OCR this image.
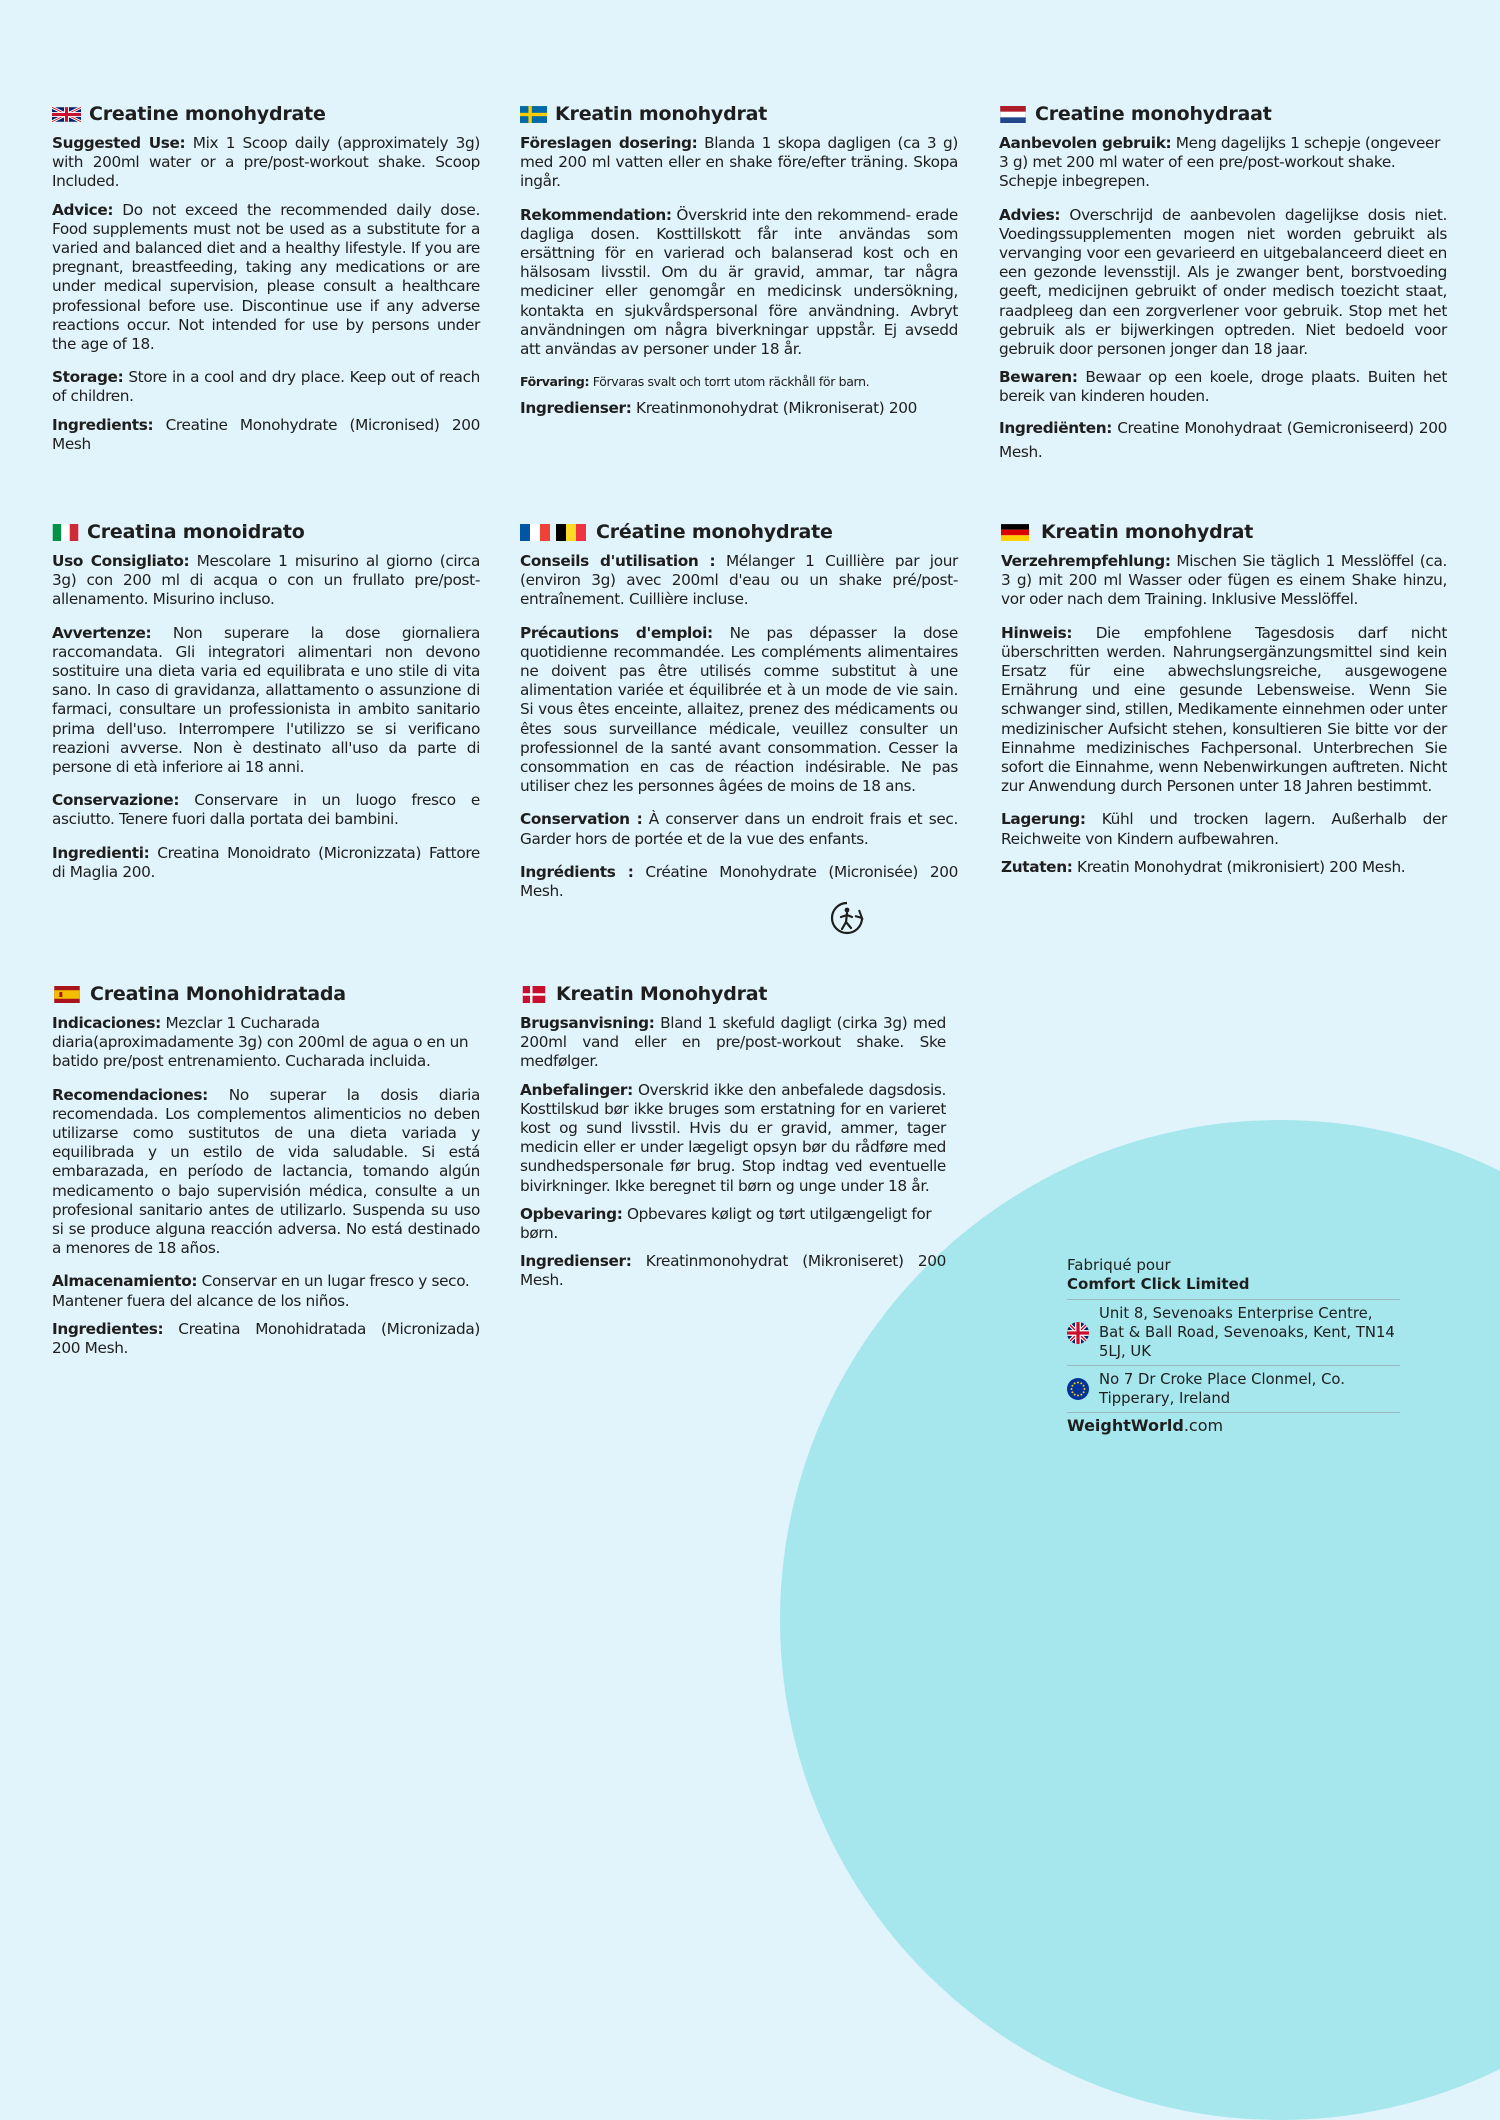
Creatine monohydrate

Suggested Use: Mix 1 Scoop daily (approximately 3g) with 200ml water or a pre/post-workout shake. Scoop Included.

Advice: Do not exceed the recommended daily dose. Food supplements must not be used as a substitute for a varied and balanced diet and a healthy lifestyle. If you are pregnant, breastfeeding, taking any medications or are under medical supervision, please consult a healthcare professional before use. Discontinue use if any adverse reactions occur. Not intended for use by persons under the age of 18.

Storage: Store in a cool and dry place. Keep out of reach of children.

Ingredients: Creatine Monohydrate (Micronised) 200 Mesh

Kreatin monohydrat

Föreslagen dosering: Blanda 1 skopa dagligen (ca 3 g) med 200 ml vatten eller en shake före/efter träning. Skopa ingår.

Rekommendation: Överskrid inte den rekommend- erade dagliga dosen. Kosttillskott får inte användas som ersättning för en varierad och balanserad kost och en hälsosam livsstil. Om du är gravid, ammar, tar några mediciner eller genomgår en medicinsk undersökning, kontakta en sjukvårdspersonal före användning. Avbryt användningen om några biverkningar uppstår. Ej avsedd att användas av personer under 18 år.

Förvaring: Förvaras svalt och torrt utom räckhåll för barn.

Ingredienser: Kreatinmonohydrat (Mikroniserat) 200

Creatine monohydraat

Aanbevolen gebruik: Meng dagelijks 1 schepje (ongeveer 3 g) met 200 ml water of een pre/post-workout shake. Schepje inbegrepen.

Advies: Overschrijd de aanbevolen dagelijkse dosis niet. Voedingssupplementen mogen niet worden gebruikt als vervanging voor een gevarieerd en uitgebalanceerd dieet en een gezonde levensstijl. Als je zwanger bent, borstvoeding geeft, medicijnen gebruikt of onder medisch toezicht staat, raadpleeg dan een zorgverlener voor gebruik. Stop met het gebruik als er bijwerkingen optreden. Niet bedoeld voor gebruik door personen jonger dan 18 jaar.

Bewaren: Bewaar op een koele, droge plaats. Buiten het bereik van kinderen houden.

Ingrediënten: Creatine Monohydraat (Gemicroniseerd) 200 Mesh.

Creatina monoidrato

Uso Consigliato: Mescolare 1 misurino al giorno (circa 3g) con 200 ml di acqua o con un frullato pre/post-allenamento. Misurino incluso.

Avvertenze: Non superare la dose giornaliera raccomandata. Gli integratori alimentari non devono sostituire una dieta varia ed equilibrata e uno stile di vita sano. In caso di gravidanza, allattamento o assunzione di farmaci, consultare un professionista in ambito sanitario prima dell'uso. Interrompere l'utilizzo se si verificano reazioni avverse. Non è destinato all'uso da parte di persone di età inferiore ai 18 anni.

Conservazione: Conservare in un luogo fresco e asciutto. Tenere fuori dalla portata dei bambini.

Ingredienti: Creatina Monoidrato (Micronizzata) Fattore di Maglia 200.

Créatine monohydrate

Conseils d'utilisation : Mélanger 1 Cuillière par jour (environ 3g) avec 200ml d'eau ou un shake pré/post-entraînement. Cuillière incluse.

Précautions d'emploi: Ne pas dépasser la dose quotidienne recommandée. Les compléments alimentaires ne doivent pas être utilisés comme substitut à une alimentation variée et équilibrée et à un mode de vie sain. Si vous êtes enceinte, allaitez, prenez des médicaments ou êtes sous surveillance médicale, veuillez consulter un professionnel de la santé avant consommation. Cesser la consommation en cas de réaction indésirable. Ne pas utiliser chez les personnes âgées de moins de 18 ans.

Conservation : À conserver dans un endroit frais et sec. Garder hors de portée et de la vue des enfants.

Ingrédients : Créatine Monohydrate (Micronisée) 200 Mesh.

Kreatin monohydrat

Verzehrempfehlung: Mischen Sie täglich 1 Messlöffel (ca. 3 g) mit 200 ml Wasser oder fügen es einem Shake hinzu, vor oder nach dem Training. Inklusive Messlöffel.

Hinweis: Die empfohlene Tagesdosis darf nicht überschritten werden. Nahrungsergänzungsmittel sind kein Ersatz für eine abwechslungsreiche, ausgewogene Ernährung und eine gesunde Lebensweise. Wenn Sie schwanger sind, stillen, Medikamente einnehmen oder unter medizinischer Aufsicht stehen, konsultieren Sie bitte vor der Einnahme medizinisches Fachpersonal. Unterbrechen Sie sofort die Einnahme, wenn Nebenwirkungen auftreten. Nicht zur Anwendung durch Personen unter 18 Jahren bestimmt.

Lagerung: Kühl und trocken lagern. Außerhalb der Reichweite von Kindern aufbewahren.

Zutaten: Kreatin Monohydrat (mikronisiert) 200 Mesh.

Creatina Monohidratada

Indicaciones: Mezclar 1 Cucharada diaria(aproximadamente 3g) con 200ml de agua o en un batido pre/post entrenamiento. Cucharada incluida.

Recomendaciones: No superar la dosis diaria recomendada. Los complementos alimenticios no deben utilizarse como sustitutos de una dieta variada y equilibrada y un estilo de vida saludable. Si está embarazada, en período de lactancia, tomando algún medicamento o bajo supervisión médica, consulte a un profesional sanitario antes de utilizarlo. Suspenda su uso si se produce alguna reacción adversa. No está destinado a menores de 18 años.

Almacenamiento: Conservar en un lugar fresco y seco. Mantener fuera del alcance de los niños.

Ingredientes: Creatina Monohidratada (Micronizada) 200 Mesh.

Kreatin Monohydrat

Brugsanvisning: Bland 1 skefuld dagligt (cirka 3g) med 200ml vand eller en pre/post-workout shake. Ske medfølger.

Anbefalinger: Overskrid ikke den anbefalede dagsdosis. Kosttilskud bør ikke bruges som erstatning for en varieret kost og sund livsstil. Hvis du er gravid, ammer, tager medicin eller er under lægeligt opsyn bør du rådføre med sundhedspersonale før brug. Stop indtag ved eventuelle bivirkninger. Ikke beregnet til børn og unge under 18 år.

Opbevaring: Opbevares køligt og tørt utilgængeligt for børn.

Ingredienser: Kreatinmonohydrat (Mikroniseret) 200 Mesh.

Fabriqué pour
Comfort Click Limited
Unit 8, Sevenoaks Enterprise Centre, Bat & Ball Road, Sevenoaks, Kent, TN14 5LJ, UK
No 7 Dr Croke Place Clonmel, Co. Tipperary, Ireland
WeightWorld.com
